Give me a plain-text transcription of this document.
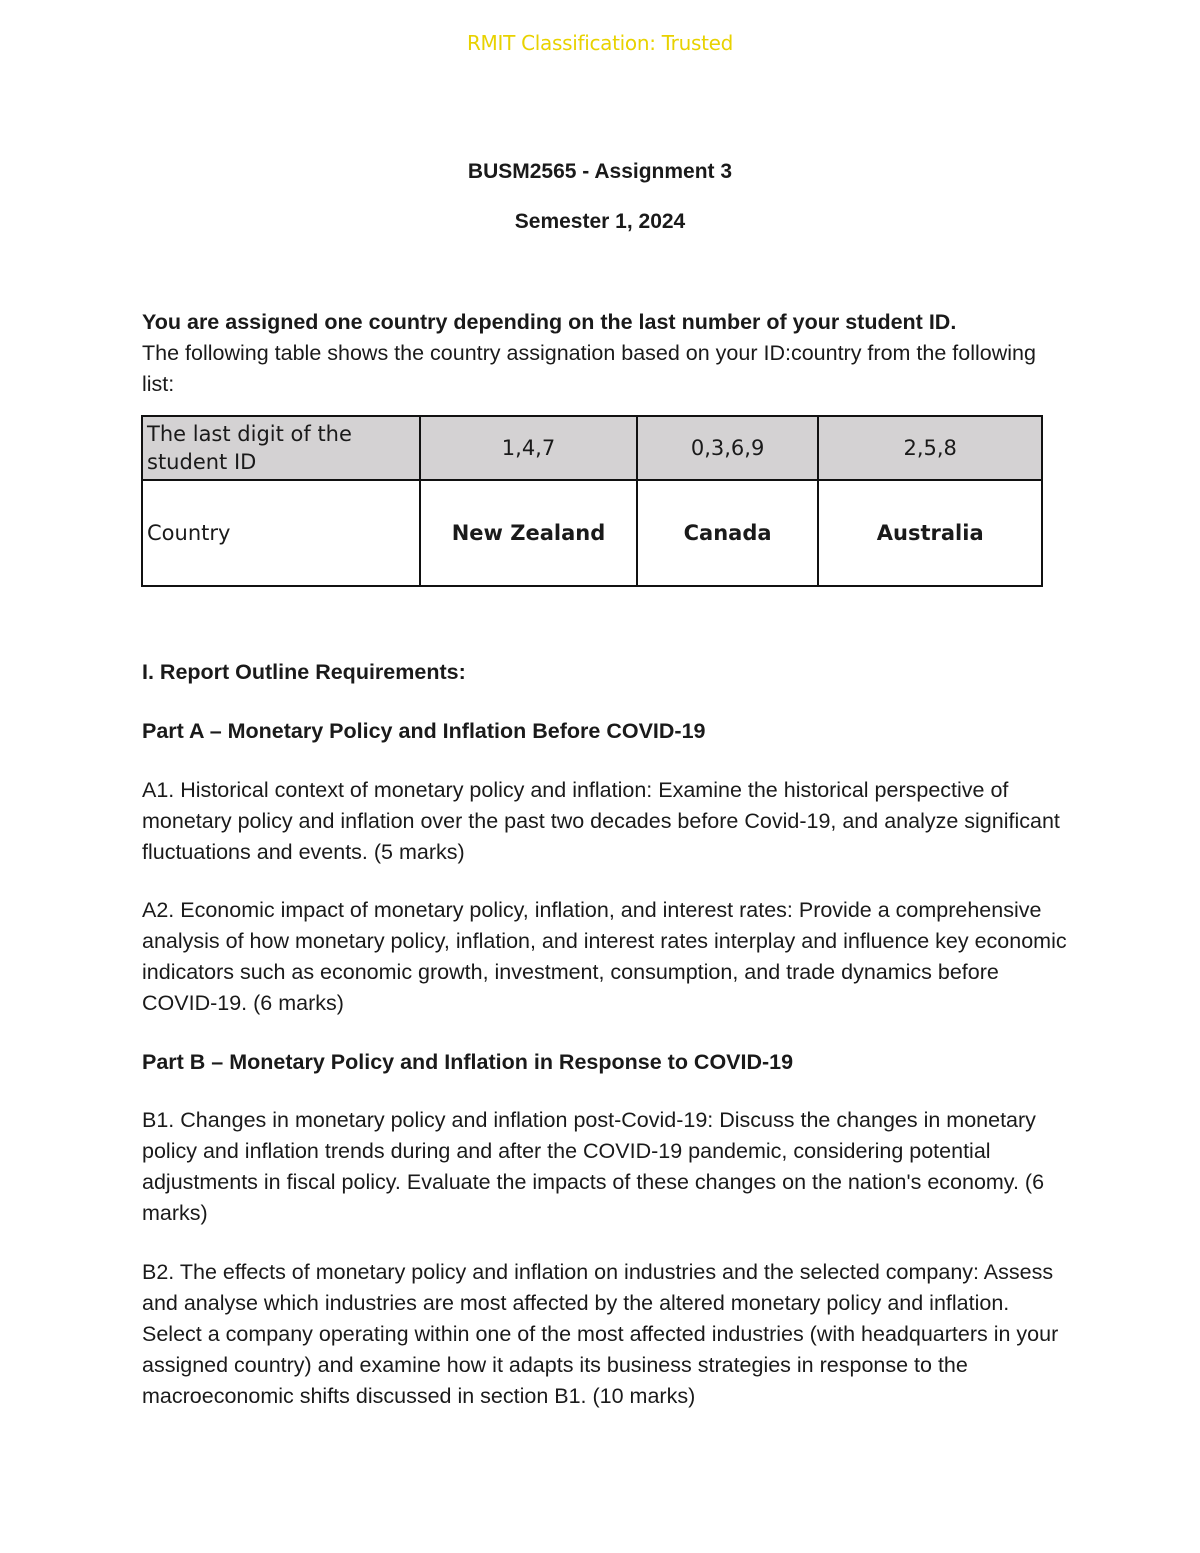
RMIT Classification: Trusted
BUSM2565 - Assignment 3
Semester 1, 2024
You are assigned one country depending on the last number of your student ID.
The following table shows the country assignation based on your ID:country from the following list:
The last digit of the student ID	1,4,7	0,3,6,9	2,5,8
Country	New Zealand	Canada	Australia
I. Report Outline Requirements:
Part A – Monetary Policy and Inflation Before COVID-19
A1. Historical context of monetary policy and inflation: Examine the historical perspective of monetary policy and inflation over the past two decades before Covid-19, and analyze significant fluctuations and events. (5 marks)
A2. Economic impact of monetary policy, inflation, and interest rates: Provide a comprehensive analysis of how monetary policy, inflation, and interest rates interplay and influence key economic indicators such as economic growth, investment, consumption, and trade dynamics before COVID-19. (6 marks)
Part B – Monetary Policy and Inflation in Response to COVID-19
B1. Changes in monetary policy and inflation post-Covid-19: Discuss the changes in monetary policy and inflation trends during and after the COVID-19 pandemic, considering potential adjustments in fiscal policy. Evaluate the impacts of these changes on the nation's economy. (6 marks)
B2. The effects of monetary policy and inflation on industries and the selected company: Assess and analyse which industries are most affected by the altered monetary policy and inflation. Select a company operating within one of the most affected industries (with headquarters in your assigned country) and examine how it adapts its business strategies in response to the macroeconomic shifts discussed in section B1. (10 marks)
